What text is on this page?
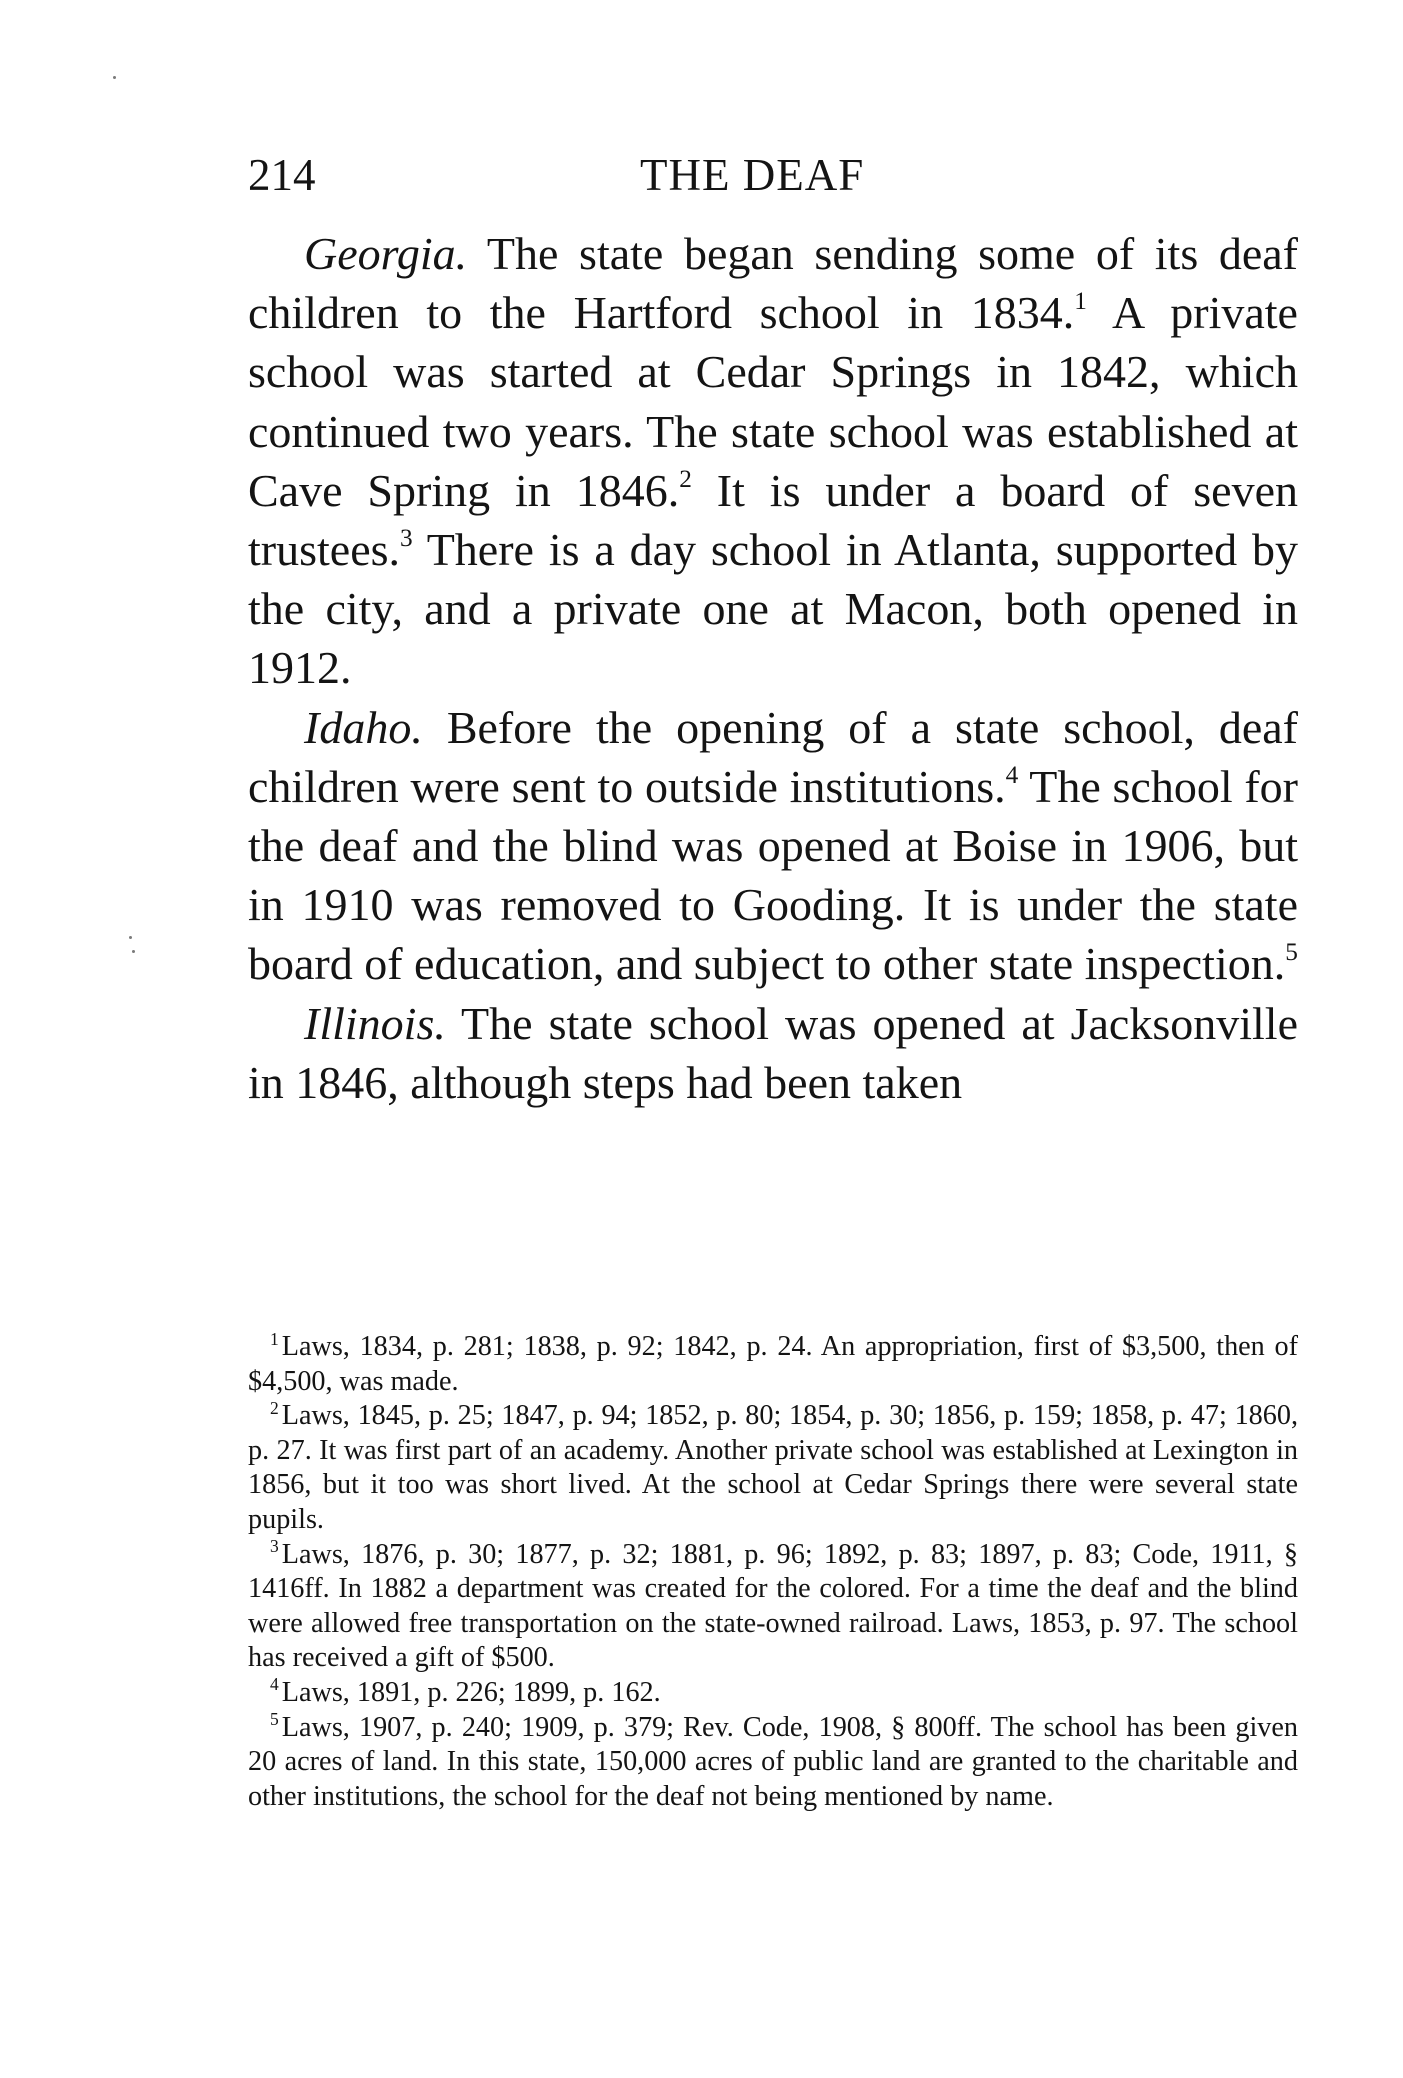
214	THE DEAF

Georgia. The state began sending some of its deaf children to the Hartford school in 1834.$^1$ A private school was started at Cedar Springs in 1842, which continued two years. The state school was established at Cave Spring in 1846.$^2$ It is under a board of seven trustees.$^3$ There is a day school in Atlanta, supported by the city, and a private one at Macon, both opened in 1912.

Idaho. Before the opening of a state school, deaf children were sent to outside institutions.$^4$ The school for the deaf and the blind was opened at Boise in 1906, but in 1910 was removed to Gooding. It is under the state board of education, and subject to other state inspection.$^5$

Illinois. The state school was opened at Jacksonville in 1846, although steps had been taken

$^1$ Laws, 1834, p. 281; 1838, p. 92; 1842, p. 24. An appropriation, first of $3,500, then of $4,500, was made.

$^2$ Laws, 1845, p. 25; 1847, p. 94; 1852, p. 80; 1854, p. 30; 1856, p. 159; 1858, p. 47; 1860, p. 27. It was first part of an academy. Another private school was established at Lexington in 1856, but it too was short lived. At the school at Cedar Springs there were several state pupils.

$^3$ Laws, 1876, p. 30; 1877, p. 32; 1881, p. 96; 1892, p. 83; 1897, p. 83; Code, 1911, § 1416ff. In 1882 a department was created for the colored. For a time the deaf and the blind were allowed free transportation on the state-owned railroad. Laws, 1853, p. 97. The school has received a gift of $500.

$^4$ Laws, 1891, p. 226; 1899, p. 162.

$^5$ Laws, 1907, p. 240; 1909, p. 379; Rev. Code, 1908, § 800ff. The school has been given 20 acres of land. In this state, 150,000 acres of public land are granted to the charitable and other institutions, the school for the deaf not being mentioned by name.
